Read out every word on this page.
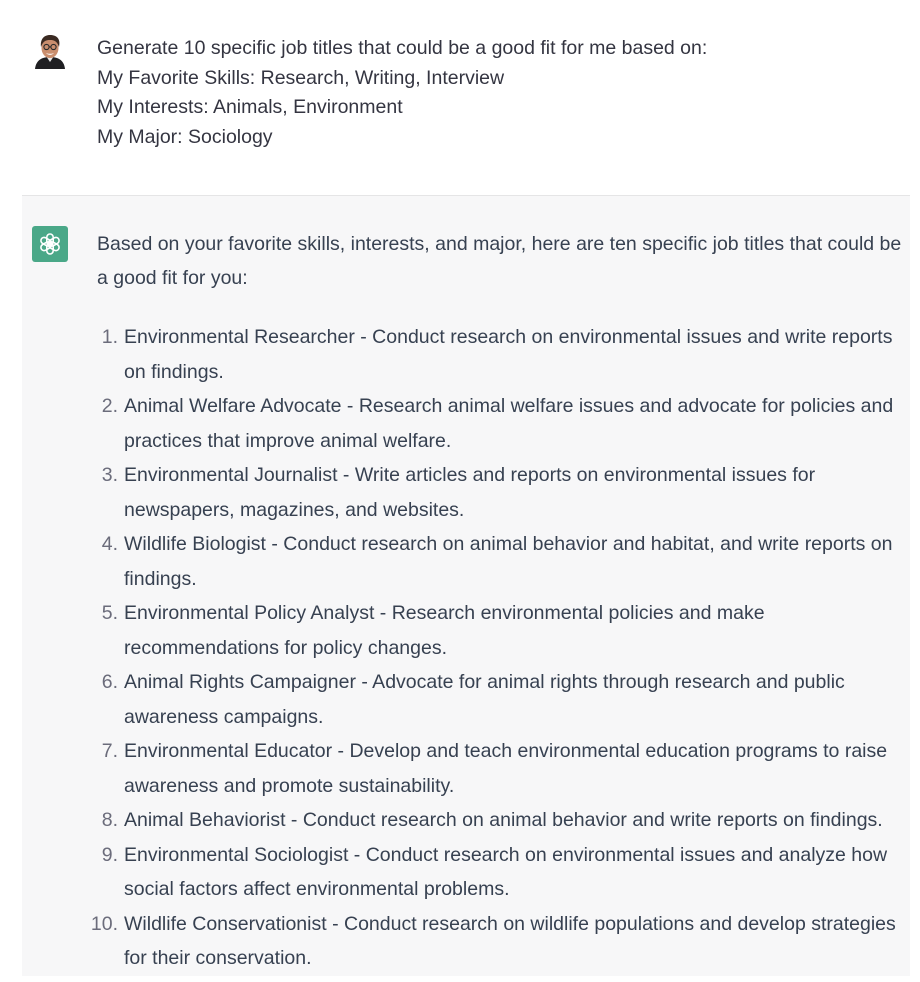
Generate 10 specific job titles that could be a good fit for me based on:
My Favorite Skills: Research, Writing, Interview
My Interests: Animals, Environment
My Major: Sociology

Based on your favorite skills, interests, and major, here are ten specific job titles that could be a good fit for you:

1. Environmental Researcher - Conduct research on environmental issues and write reports on findings.
2. Animal Welfare Advocate - Research animal welfare issues and advocate for policies and practices that improve animal welfare.
3. Environmental Journalist - Write articles and reports on environmental issues for newspapers, magazines, and websites.
4. Wildlife Biologist - Conduct research on animal behavior and habitat, and write reports on findings.
5. Environmental Policy Analyst - Research environmental policies and make recommendations for policy changes.
6. Animal Rights Campaigner - Advocate for animal rights through research and public awareness campaigns.
7. Environmental Educator - Develop and teach environmental education programs to raise awareness and promote sustainability.
8. Animal Behaviorist - Conduct research on animal behavior and write reports on findings.
9. Environmental Sociologist - Conduct research on environmental issues and analyze how social factors affect environmental problems.
10. Wildlife Conservationist - Conduct research on wildlife populations and develop strategies for their conservation.
